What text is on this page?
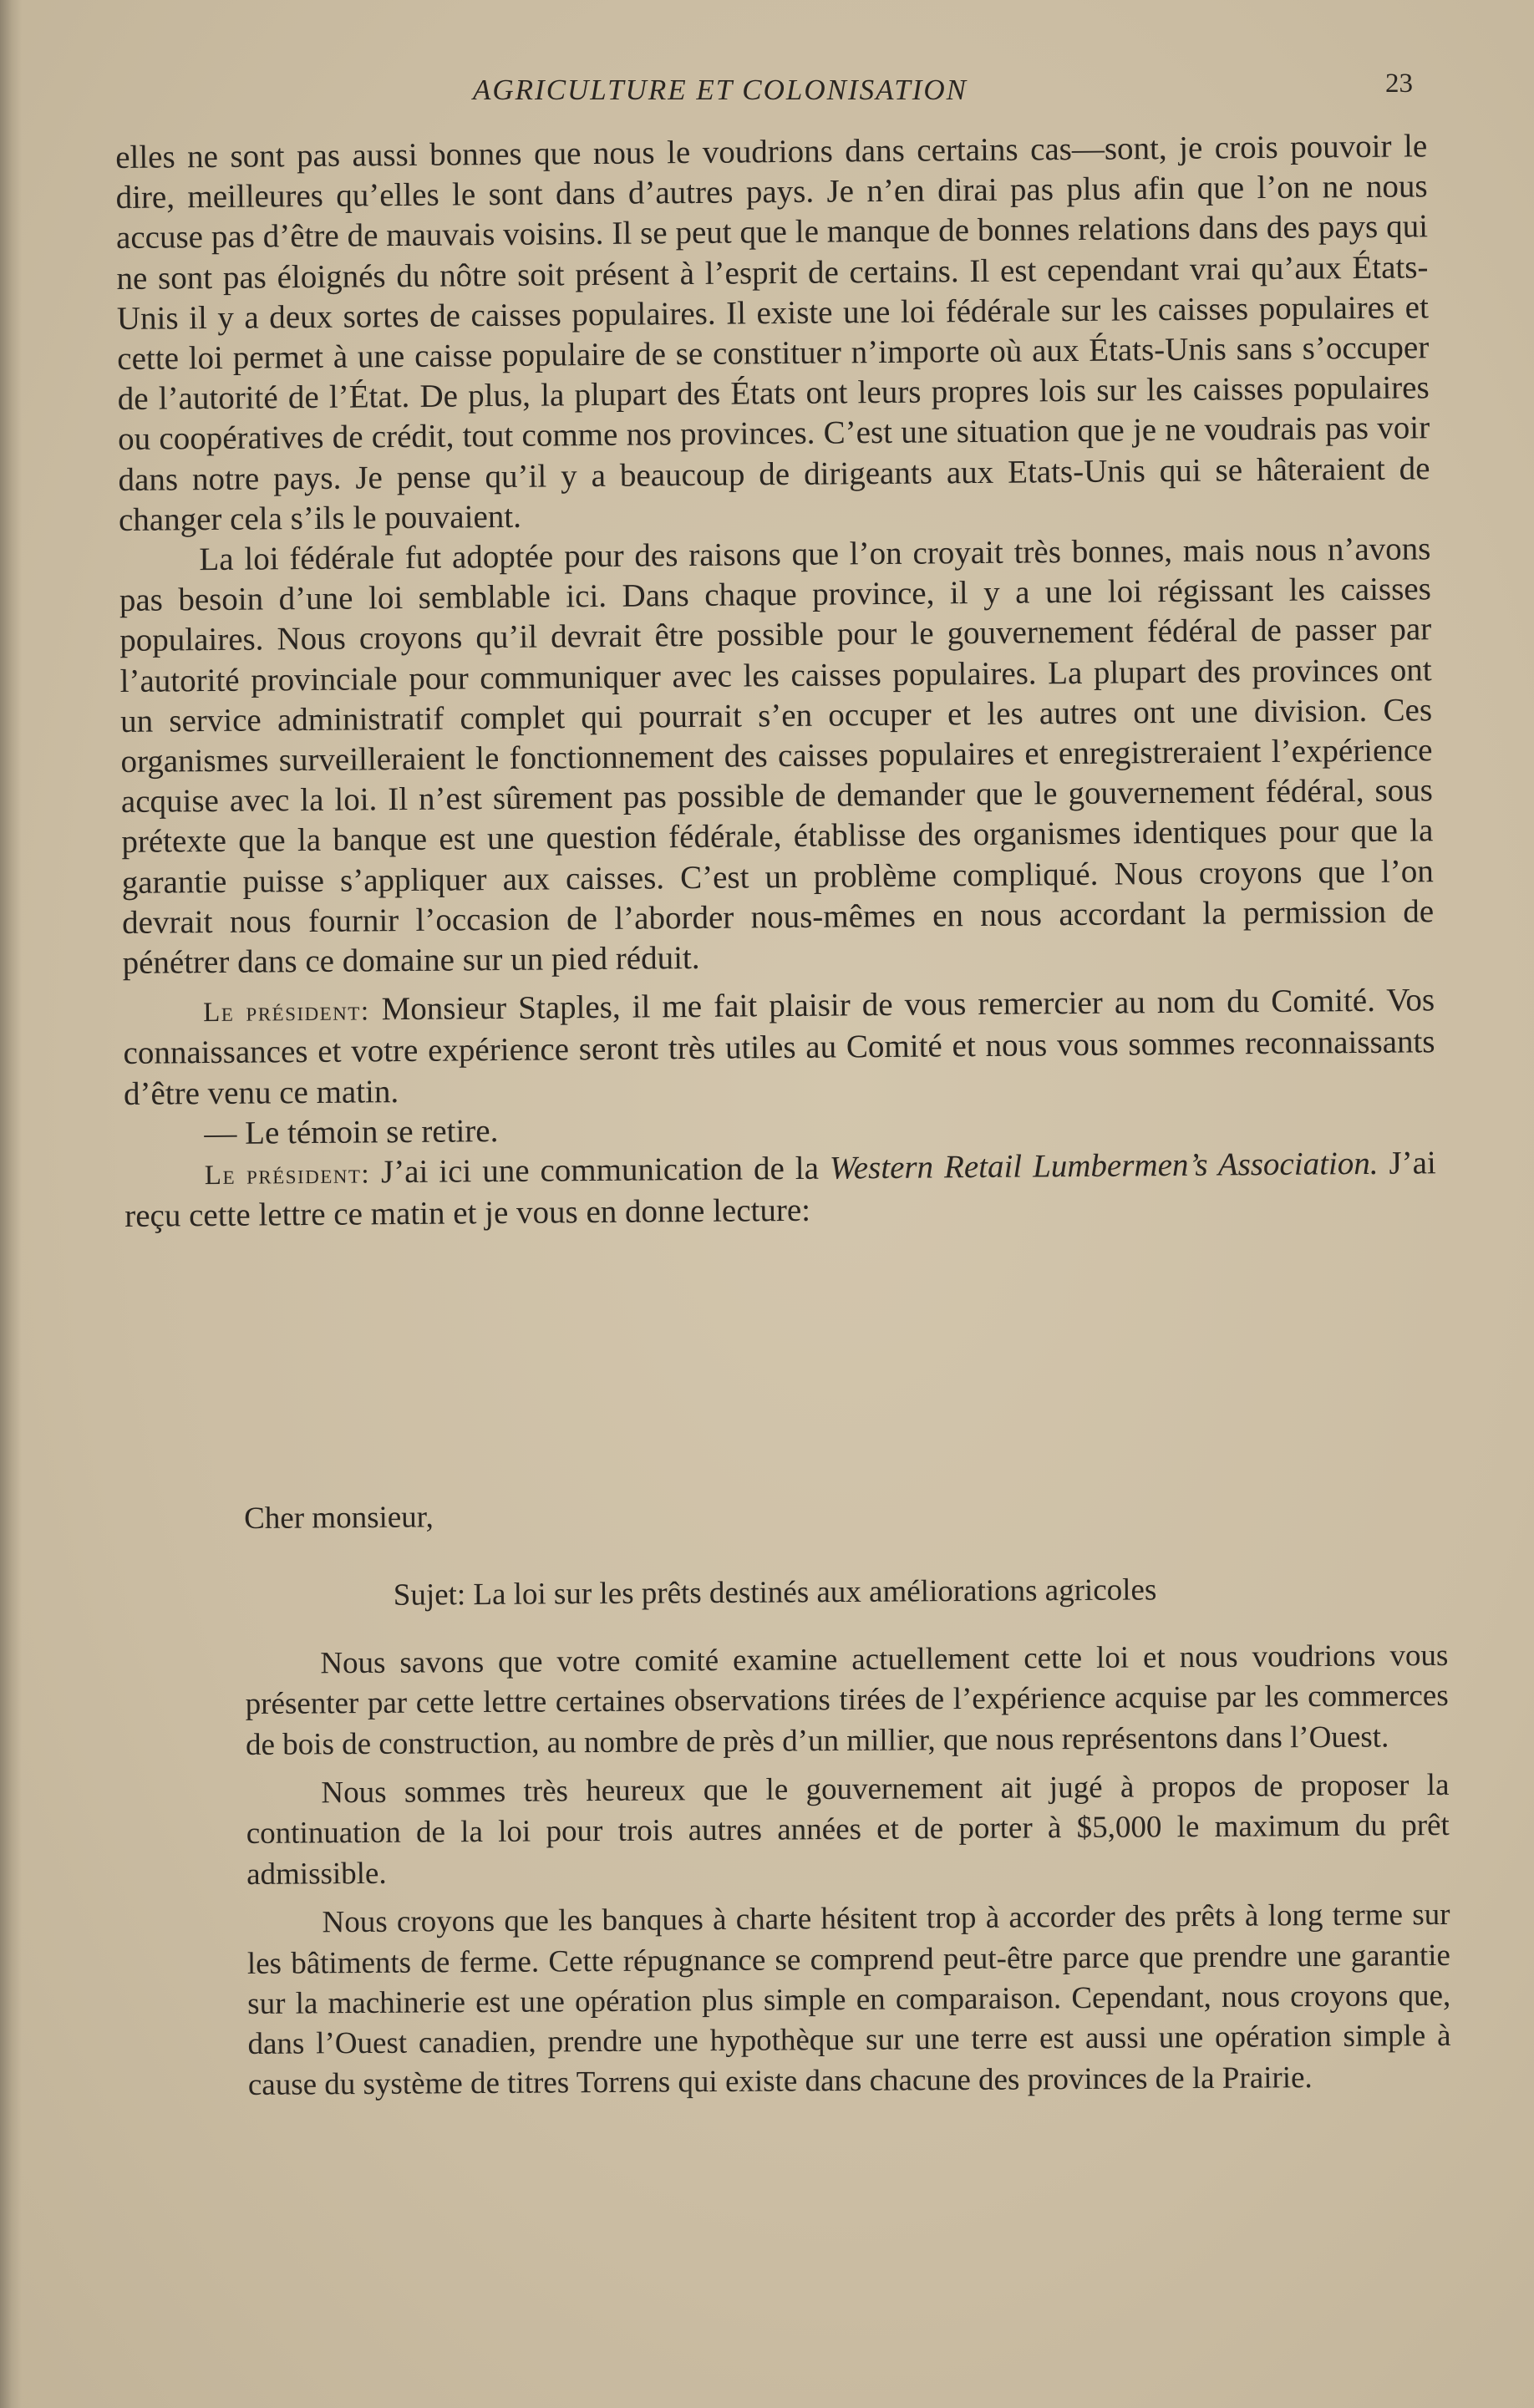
AGRICULTURE ET COLONISATION	23

elles ne sont pas aussi bonnes que nous le voudrions dans certains cas—sont, je crois pouvoir le dire, meilleures qu’elles le sont dans d’autres pays. Je n’en dirai pas plus afin que l’on ne nous accuse pas d’être de mauvais voisins. Il se peut que le manque de bonnes relations dans des pays qui ne sont pas éloignés du nôtre soit présent à l’esprit de certains. Il est cependant vrai qu’aux États-Unis il y a deux sortes de caisses populaires. Il existe une loi fédérale sur les caisses populaires et cette loi permet à une caisse populaire de se constituer n’importe où aux États-Unis sans s’occuper de l’autorité de l’État. De plus, la plupart des États ont leurs propres lois sur les caisses populaires ou coopératives de crédit, tout comme nos provinces. C’est une situation que je ne voudrais pas voir dans notre pays. Je pense qu’il y a beaucoup de dirigeants aux Etats-Unis qui se hâteraient de changer cela s’ils le pouvaient.

La loi fédérale fut adoptée pour des raisons que l’on croyait très bonnes, mais nous n’avons pas besoin d’une loi semblable ici. Dans chaque province, il y a une loi régissant les caisses populaires. Nous croyons qu’il devrait être possible pour le gouvernement fédéral de passer par l’autorité provinciale pour communiquer avec les caisses populaires. La plupart des provinces ont un service administratif complet qui pourrait s’en occuper et les autres ont une division. Ces organismes surveilleraient le fonctionnement des caisses populaires et enregistreraient l’expérience acquise avec la loi. Il n’est sûrement pas possible de demander que le gouvernement fédéral, sous prétexte que la banque est une question fédérale, établisse des organismes identiques pour que la garantie puisse s’appliquer aux caisses. C’est un problème compliqué. Nous croyons que l’on devrait nous fournir l’occasion de l’aborder nous-mêmes en nous accordant la permission de pénétrer dans ce domaine sur un pied réduit.

Le président: Monsieur Staples, il me fait plaisir de vous remercier au nom du Comité. Vos connaissances et votre expérience seront très utiles au Comité et nous vous sommes reconnaissants d’être venu ce matin.

— Le témoin se retire.

Le président: J’ai ici une communication de la Western Retail Lumbermen’s Association. J’ai reçu cette lettre ce matin et je vous en donne lecture:

Cher monsieur,

Sujet: La loi sur les prêts destinés aux améliorations agricoles

Nous savons que votre comité examine actuellement cette loi et nous voudrions vous présenter par cette lettre certaines observations tirées de l’expérience acquise par les commerces de bois de construction, au nombre de près d’un millier, que nous représentons dans l’Ouest.

Nous sommes très heureux que le gouvernement ait jugé à propos de proposer la continuation de la loi pour trois autres années et de porter à $5,000 le maximum du prêt admissible.

Nous croyons que les banques à charte hésitent trop à accorder des prêts à long terme sur les bâtiments de ferme. Cette répugnance se comprend peut-être parce que prendre une garantie sur la machinerie est une opération plus simple en comparaison. Cependant, nous croyons que, dans l’Ouest canadien, prendre une hypothèque sur une terre est aussi une opération simple à cause du système de titres Torrens qui existe dans chacune des provinces de la Prairie.
